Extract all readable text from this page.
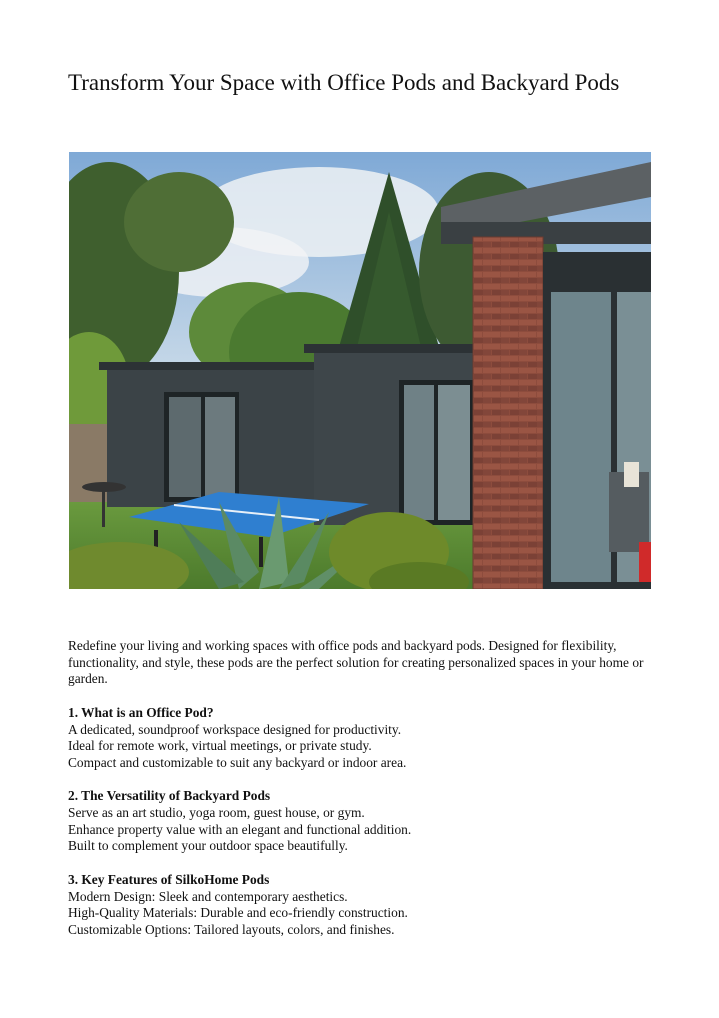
Transform Your Space with Office Pods and Backyard Pods

Redefine your living and working spaces with office pods and backyard pods. Designed for flexibility, functionality, and style, these pods are the perfect solution for creating personalized spaces in your home or garden.

1. What is an Office Pod?

A dedicated, soundproof workspace designed for productivity.

Ideal for remote work, virtual meetings, or private study.

Compact and customizable to suit any backyard or indoor area.

2. The Versatility of Backyard Pods

Serve as an art studio, yoga room, guest house, or gym.

Enhance property value with an elegant and functional addition.

Built to complement your outdoor space beautifully.

3. Key Features of SilkoHome Pods

Modern Design: Sleek and contemporary aesthetics.

High-Quality Materials: Durable and eco-friendly construction.

Customizable Options: Tailored layouts, colors, and finishes.
